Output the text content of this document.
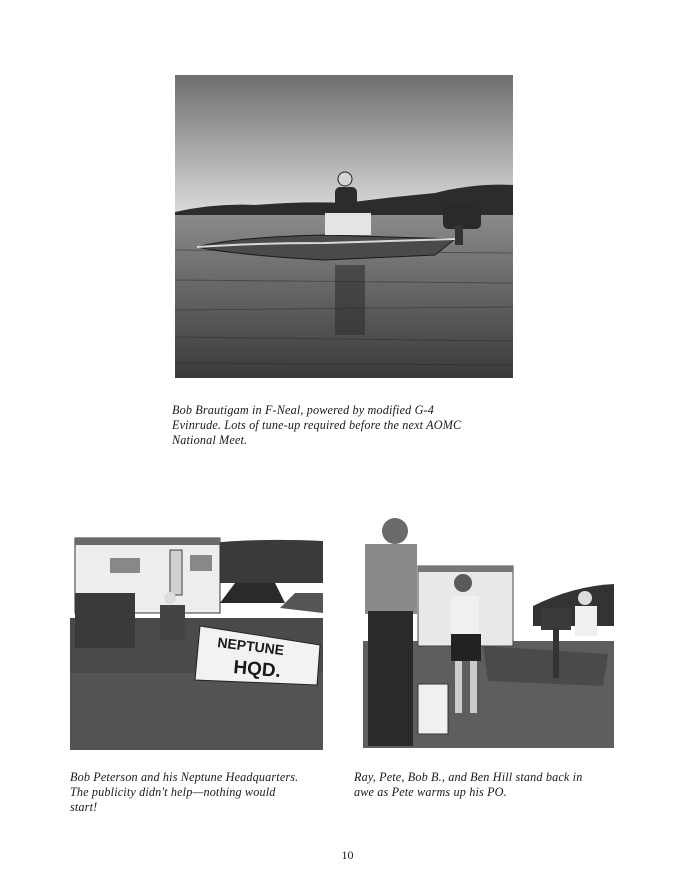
Bob Brautigam in F-Neal, powered by modified G-4
Evinrude. Lots of tune-up required before the next AOMC
National Meet.
NEPTUNE
HQD.
Bob Peterson and his Neptune Headquarters.
The publicity didn't help—nothing would
start!
Ray, Pete, Bob B., and Ben Hill stand back in
awe as Pete warms up his PO.
10
